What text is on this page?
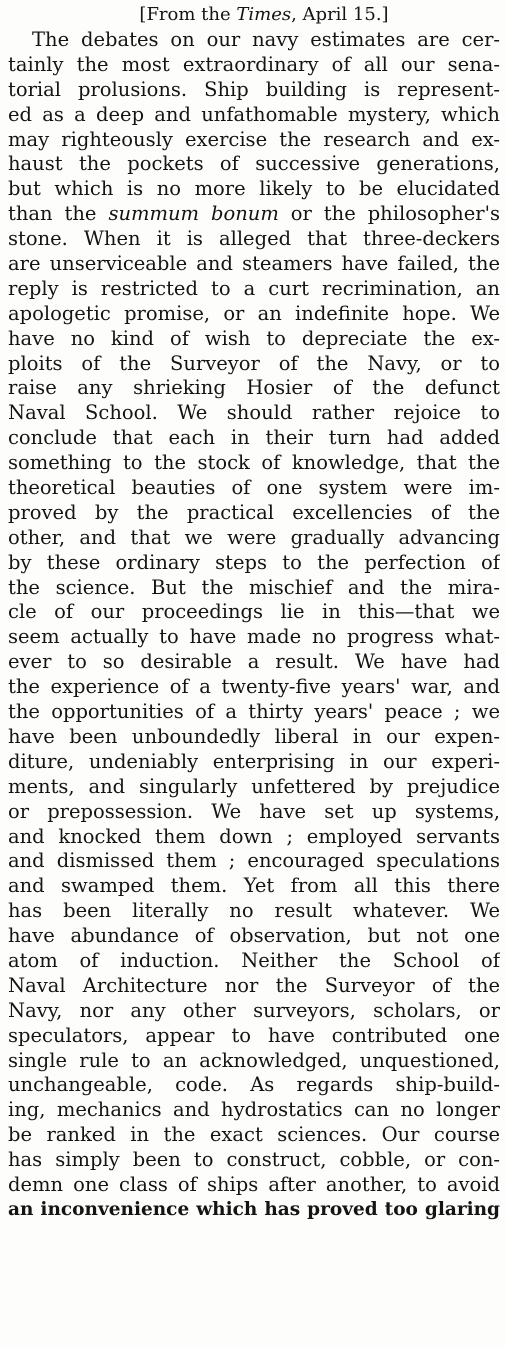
[From the Times, April 15.]
The debates on our navy estimates are cer-
tainly the most extraordinary of all our sena-
torial prolusions. Ship building is represent-
ed as a deep and unfathomable mystery, which
may righteously exercise the research and ex-
haust the pockets of successive generations,
but which is no more likely to be elucidated
than the summum bonum or the philosopher's
stone. When it is alleged that three-deckers
are unserviceable and steamers have failed, the
reply is restricted to a curt recrimination, an
apologetic promise, or an indefinite hope. We
have no kind of wish to depreciate the ex-
ploits of the Surveyor of the Navy, or to
raise any shrieking Hosier of the defunct
Naval School. We should rather rejoice to
conclude that each in their turn had added
something to the stock of knowledge, that the
theoretical beauties of one system were im-
proved by the practical excellencies of the
other, and that we were gradually advancing
by these ordinary steps to the perfection of
the science. But the mischief and the mira-
cle of our proceedings lie in this—that we
seem actually to have made no progress what-
ever to so desirable a result. We have had
the experience of a twenty-five years' war, and
the opportunities of a thirty years' peace ; we
have been unboundedly liberal in our expen-
diture, undeniably enterprising in our experi-
ments, and singularly unfettered by prejudice
or prepossession. We have set up systems,
and knocked them down ; employed servants
and dismissed them ; encouraged speculations
and swamped them. Yet from all this there
has been literally no result whatever. We
have abundance of observation, but not one
atom of induction. Neither the School of
Naval Architecture nor the Surveyor of the
Navy, nor any other surveyors, scholars, or
speculators, appear to have contributed one
single rule to an acknowledged, unquestioned,
unchangeable, code. As regards ship-build-
ing, mechanics and hydrostatics can no longer
be ranked in the exact sciences. Our course
has simply been to construct, cobble, or con-
demn one class of ships after another, to avoid
an inconvenience which has proved too glaring
